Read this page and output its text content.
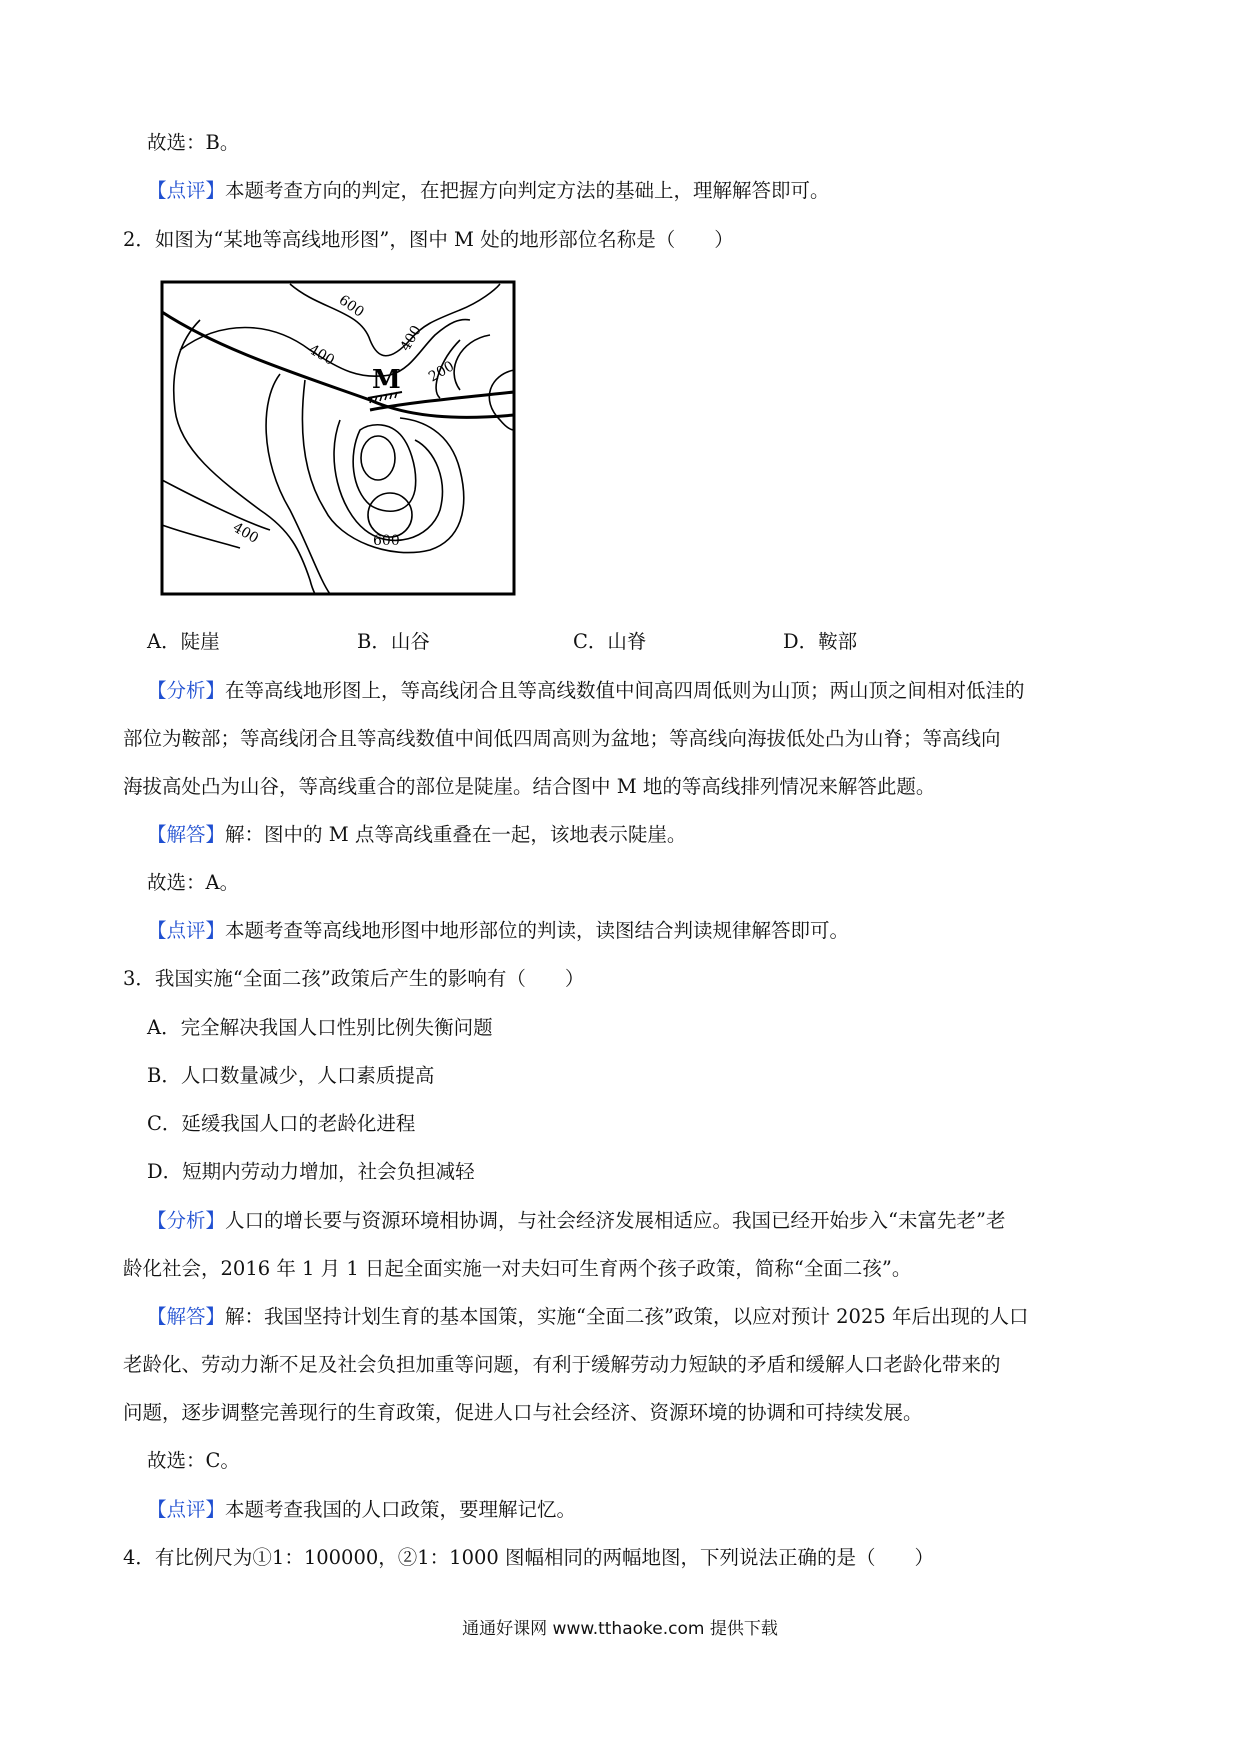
故选：B。
【点评】本题考查方向的判定，在把握方向判定方法的基础上，理解解答即可。
2．如图为“某地等高线地形图”，图中 M 处的地形部位名称是（　　）
M
600
400
400
200
400	600
A．陡崖	B．山谷	C．山脊	D．鞍部
【分析】在等高线地形图上，等高线闭合且等高线数值中间高四周低则为山顶；两山顶之间相对低洼的
部位为鞍部；等高线闭合且等高线数值中间低四周高则为盆地；等高线向海拔低处凸为山脊；等高线向
海拔高处凸为山谷，等高线重合的部位是陡崖。结合图中 M 地的等高线排列情况来解答此题。
【解答】解：图中的 M 点等高线重叠在一起，该地表示陡崖。
故选：A。
【点评】本题考查等高线地形图中地形部位的判读，读图结合判读规律解答即可。
3．我国实施“全面二孩”政策后产生的影响有（　　）
A．完全解决我国人口性别比例失衡问题
B．人口数量减少，人口素质提高
C．延缓我国人口的老龄化进程
D．短期内劳动力增加，社会负担减轻
【分析】人口的增长要与资源环境相协调，与社会经济发展相适应。我国已经开始步入“未富先老”老
龄化社会，2016 年 1 月 1 日起全面实施一对夫妇可生育两个孩子政策，简称“全面二孩”。
【解答】解：我国坚持计划生育的基本国策，实施“全面二孩”政策，以应对预计 2025 年后出现的人口
老龄化、劳动力渐不足及社会负担加重等问题，有利于缓解劳动力短缺的矛盾和缓解人口老龄化带来的
问题，逐步调整完善现行的生育政策，促进人口与社会经济、资源环境的协调和可持续发展。
故选：C。
【点评】本题考查我国的人口政策，要理解记忆。
4．有比例尺为①1：100000，②1：1000 图幅相同的两幅地图，下列说法正确的是（　　）
通通好课网 www.tthaoke.com 提供下载
